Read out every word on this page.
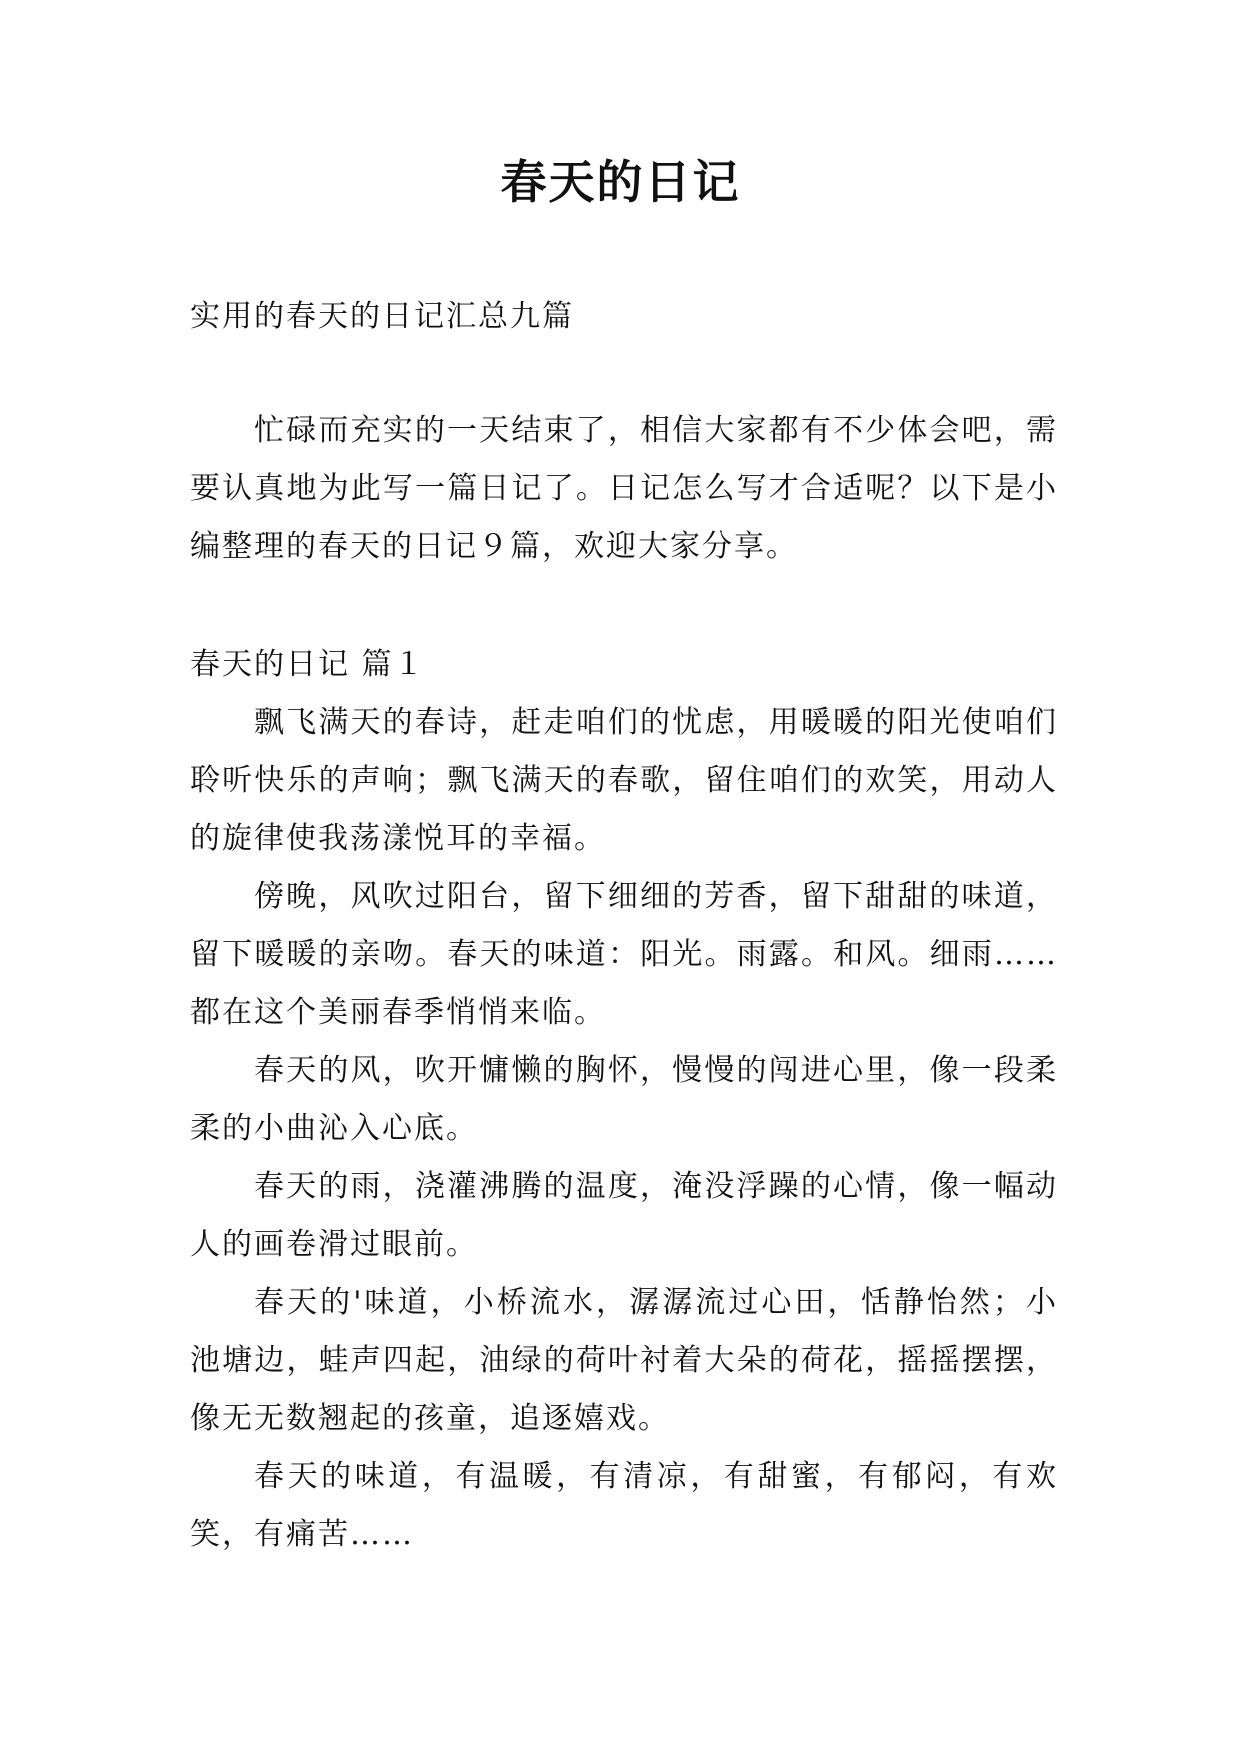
春天的日记

实用的春天的日记汇总九篇

忙碌而充实的一天结束了，相信大家都有不少体会吧，需要认真地为此写一篇日记了。日记怎么写才合适呢？以下是小编整理的春天的日记９篇，欢迎大家分享。

春天的日记 篇１

飘飞满天的春诗，赶走咱们的忧虑，用暖暖的阳光使咱们聆听快乐的声响；飘飞满天的春歌，留住咱们的欢笑，用动人的旋律使我荡漾悦耳的幸福。

傍晚，风吹过阳台，留下细细的芳香，留下甜甜的味道，留下暖暖的亲吻。春天的味道：阳光。雨露。和风。细雨……都在这个美丽春季悄悄来临。

春天的风，吹开慵懒的胸怀，慢慢的闯进心里，像一段柔柔的小曲沁入心底。

春天的雨，浇灌沸腾的温度，淹没浮躁的心情，像一幅动人的画卷滑过眼前。

春天的'味道，小桥流水，潺潺流过心田，恬静怡然；小池塘边，蛙声四起，油绿的荷叶衬着大朵的荷花，摇摇摆摆，像无无数翘起的孩童，追逐嬉戏。

春天的味道，有温暖，有清凉，有甜蜜，有郁闷，有欢笑，有痛苦……
